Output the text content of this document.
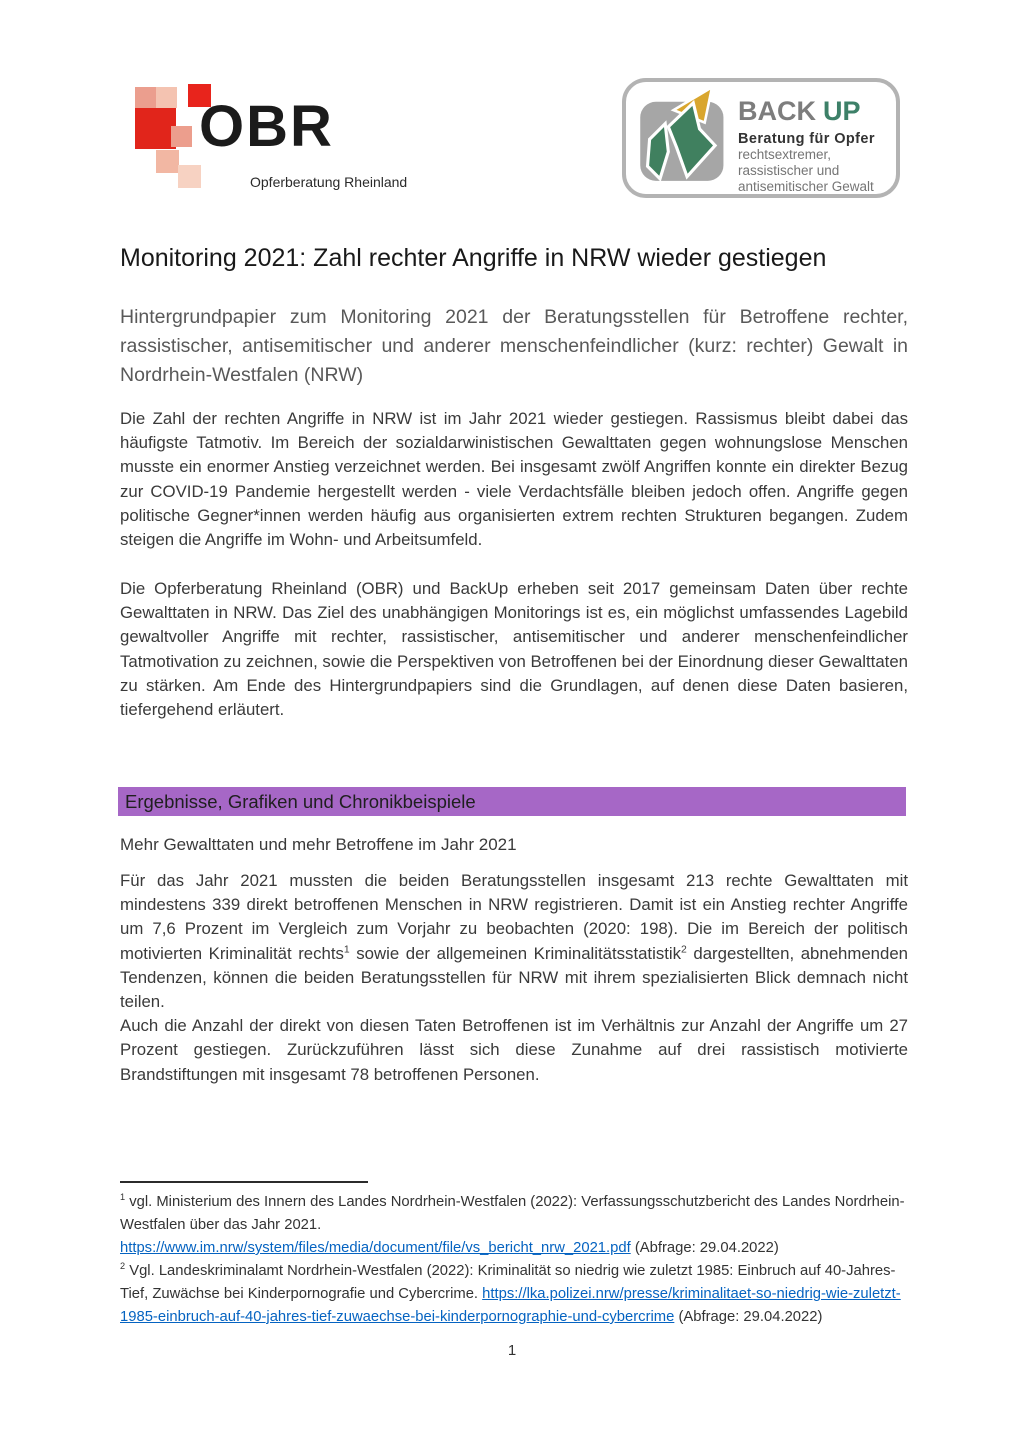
OBR
Opferberatung Rheinland
BACK UP
Beratung für Opfer
rechtsextremer,
rassistischer und
antisemitischer Gewalt
Monitoring 2021: Zahl rechter Angriffe in NRW wieder gestiegen
Hintergrundpapier zum Monitoring 2021 der Beratungsstellen für Betroffene rechter, rassistischer, antisemitischer und anderer menschenfeindlicher (kurz: rechter) Gewalt in Nordrhein-Westfalen (NRW)
Die Zahl der rechten Angriffe in NRW ist im Jahr 2021 wieder gestiegen. Rassismus bleibt dabei das häufigste Tatmotiv. Im Bereich der sozialdarwinistischen Gewalttaten gegen wohnungslose Menschen musste ein enormer Anstieg verzeichnet werden. Bei insgesamt zwölf Angriffen konnte ein direkter Bezug zur COVID-19 Pandemie hergestellt werden - viele Verdachtsfälle bleiben jedoch offen. Angriffe gegen politische Gegner*innen werden häufig aus organisierten extrem rechten Strukturen begangen. Zudem steigen die Angriffe im Wohn- und Arbeitsumfeld.
Die Opferberatung Rheinland (OBR) und BackUp erheben seit 2017 gemeinsam Daten über rechte Gewalttaten in NRW. Das Ziel des unabhängigen Monitorings ist es, ein möglichst umfassendes Lagebild gewaltvoller Angriffe mit rechter, rassistischer, antisemitischer und anderer menschenfeindlicher Tatmotivation zu zeichnen, sowie die Perspektiven von Betroffenen bei der Einordnung dieser Gewalttaten zu stärken. Am Ende des Hintergrundpapiers sind die Grundlagen, auf denen diese Daten basieren, tiefergehend erläutert.
Ergebnisse, Grafiken und Chronikbeispiele
Mehr Gewalttaten und mehr Betroffene im Jahr 2021

Für das Jahr 2021 mussten die beiden Beratungsstellen insgesamt 213 rechte Gewalttaten mit mindestens 339 direkt betroffenen Menschen in NRW registrieren. Damit ist ein Anstieg rechter Angriffe um 7,6 Prozent im Vergleich zum Vorjahr zu beobachten (2020: 198). Die im Bereich der politisch motivierten Kriminalität rechts$^1$ sowie der allgemeinen Kriminalitätsstatistik$^2$ dargestellten, abnehmenden Tendenzen, können die beiden Beratungsstellen für NRW mit ihrem spezialisierten Blick demnach nicht teilen.

Auch die Anzahl der direkt von diesen Taten Betroffenen ist im Verhältnis zur Anzahl der Angriffe um 27 Prozent gestiegen. Zurückzuführen lässt sich diese Zunahme auf drei rassistisch motivierte Brandstiftungen mit insgesamt 78 betroffenen Personen.

$^1$ vgl. Ministerium des Innern des Landes Nordrhein-Westfalen (2022): Verfassungsschutzbericht des Landes Nordrhein-Westfalen über das Jahr 2021.
https://www.im.nrw/system/files/media/document/file/vs_bericht_nrw_2021.pdf (Abfrage: 29.04.2022)

$^2$ Vgl. Landeskriminalamt Nordrhein-Westfalen (2022): Kriminalität so niedrig wie zuletzt 1985: Einbruch auf 40-Jahres-Tief, Zuwächse bei Kinderpornografie und Cybercrime. https://lka.polizei.nrw/presse/kriminalitaet-so-niedrig-wie-zuletzt-1985-einbruch-auf-40-jahres-tief-zuwaechse-bei-kinderpornographie-und-cybercrime (Abfrage: 29.04.2022)

1
